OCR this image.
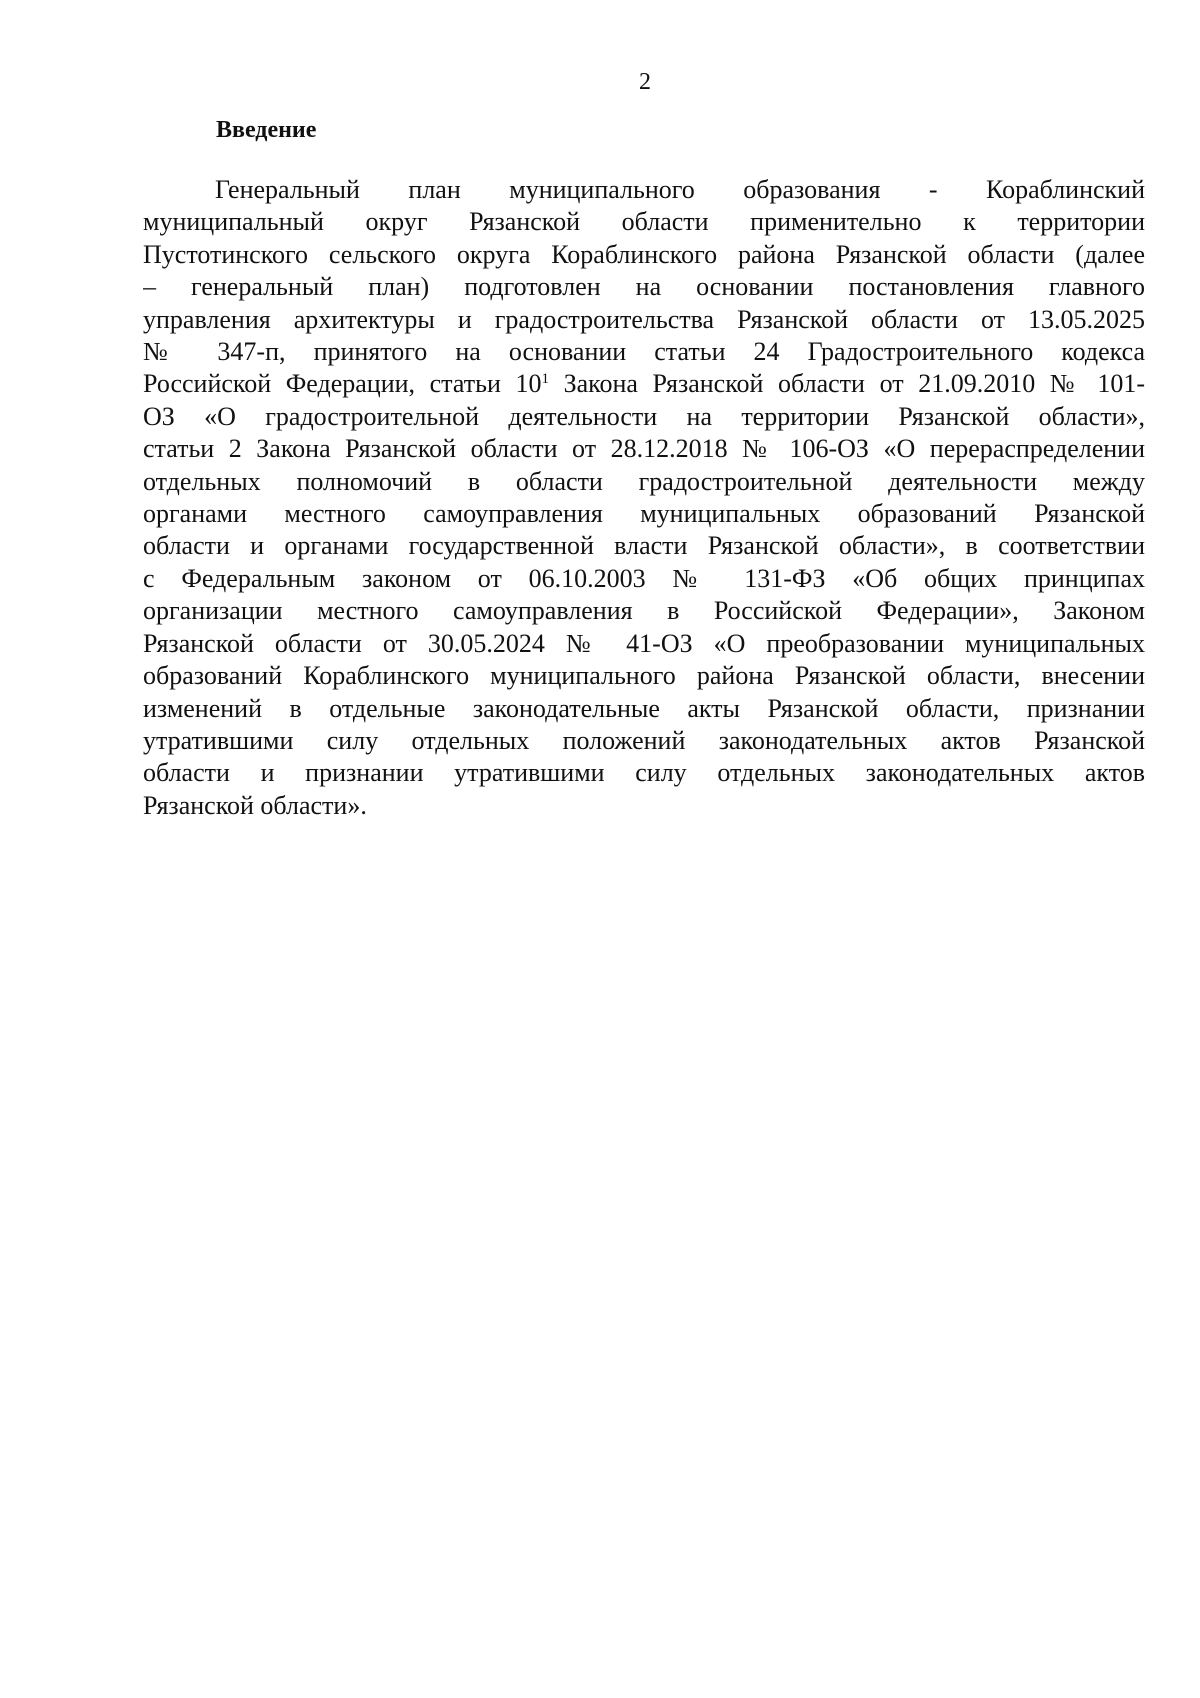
2
Введение
Генеральный план муниципального образования - Кораблинский
муниципальный округ Рязанской области применительно к территории
Пустотинского сельского округа Кораблинского района Рязанской области (далее
– генеральный план) подготовлен на основании постановления главного
управления архитектуры и градостроительства Рязанской области от 13.05.2025
№ 347-п, принятого на основании статьи 24 Градостроительного кодекса
Российской Федерации, статьи $10^1$ Закона Рязанской области от 21.09.2010 № 101-
ОЗ «О градостроительной деятельности на территории Рязанской области»,
статьи 2 Закона Рязанской области от 28.12.2018 № 106-ОЗ «О перераспределении
отдельных полномочий в области градостроительной деятельности между
органами местного самоуправления муниципальных образований Рязанской
области и органами государственной власти Рязанской области», в соответствии
с Федеральным законом от 06.10.2003 № 131-ФЗ «Об общих принципах
организации местного самоуправления в Российской Федерации», Законом
Рязанской области от 30.05.2024 № 41-ОЗ «О преобразовании муниципальных
образований Кораблинского муниципального района Рязанской области, внесении
изменений в отдельные законодательные акты Рязанской области, признании
утратившими силу отдельных положений законодательных актов Рязанской
области и признании утратившими силу отдельных законодательных актов
Рязанской области».
